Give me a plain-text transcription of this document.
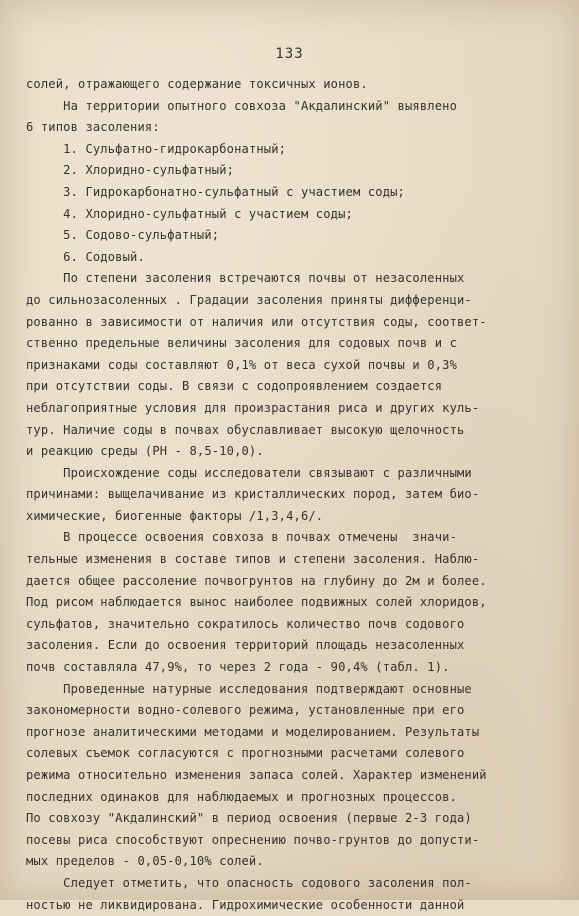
133
солей, отражающего содержание токсичных ионов.
На территории опытного совхоза "Акдалинский" выявлено
6 типов засоления:
1. Сульфатно-гидрокарбонатный;
2. Хлоридно-сульфатный;
3. Гидрокарбонатно-сульфатный с участием соды;
4. Хлоридно-сульфатный с участием соды;
5. Содово-сульфатный;
6. Содовый.
По степени засоления встречаются почвы от незасоленных
до сильнозасоленных . Градации засоления приняты дифференци-
рованно в зависимости от наличия или отсутствия соды, соответ-
ственно предельные величины засоления для содовых почв и с
признаками соды составляют 0,1% от веса сухой почвы и 0,3%
при отсутствии соды. В связи с содопроявлением создается
неблагоприятные условия для произрастания риса и других куль-
тур. Наличие соды в почвах обуславливает высокую щелочность
и реакцию среды (РН - 8,5-10,0).
Происхождение соды исследователи связывают с различными
причинами: выщелачивание из кристаллических пород, затем био-
химические, биогенные факторы /1,3,4,6/.
В процессе освоения совхоза в почвах отмечены  значи-
тельные изменения в составе типов и степени засоления. Наблю-
дается общее рассоление почвогрунтов на глубину до 2м и более.
Под рисом наблюдается вынос наиболее подвижных солей хлоридов,
сульфатов, значительно сократилось количество почв содового
засоления. Если до освоения территорий площадь незасоленных
почв составляла 47,9%, то через 2 года - 90,4% (табл. 1).
Проведенные натурные исследования подтверждают основные
закономерности водно-солевого режима, установленные при его
прогнозе аналитическими методами и моделированием. Результаты
солевых съемок согласуются с прогнозными расчетами солевого
режима относительно изменения запаса солей. Характер изменений
последних одинаков для наблюдаемых и прогнозных процессов.
По совхозу "Акдалинский" в период освоения (первые 2-3 года)
посевы риса способствуют опреснению почво-грунтов до допусти-
мых пределов - 0,05-0,10% солей.
Следует отметить, что опасность содового засоления пол-
ностью не ликвидирована. Гидрохимические особенности данной
